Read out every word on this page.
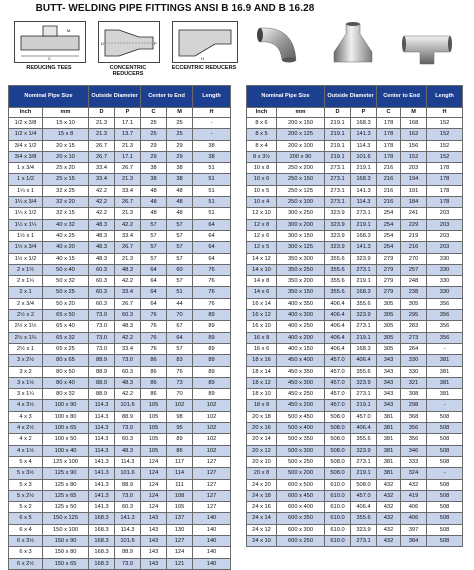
BUTT- WELDING PIPE FITTINGS ANSI B 16.9 AND B 16.28
C
M
D	P
H
REDUCING TEES	CONCENTRIC REDUCERS
ECCENTRIC REDUCERS
Nominal Pipe Size		Outside Diameter		Center to End		Length
Inch	mm	D	P	C	M	H
1/2 x 3/8	15 x 10	21.3	17.1	25	25	-
1/2 x 1/4	15 x 8	21.3	13.7	25	25	-
3/4 x 1/2	20 x 15	26.7	21.3	29	29	38
3/4 x 3/8	20 x 10	26.7	17.1	29	29	38
1 x 3/4	25 x 20	33.4	26.7	38	38	51
1 x 1/2	25 x 15	33.4	21.3	38	38	51
1¼ x 1	32 x 25	42.2	33.4	48	48	51
1¼ x 3/4	32 x 20	42.2	26.7	48	48	51
1¼ x 1/2	32 x 15	42.2	21.3	48	48	51
1½ x 1¼	40 x 32	48.3	42.2	57	57	64
1½ x 1	40 x 25	48.3	33.4	57	57	64
1½ x 3/4	40 x 20	48.3	26.7	57	57	64
1½ x 1/2	40 x 15	48.3	21.3	57	57	64
2 x 1½	50 x 40	60.3	48.3	64	60	76
2 x 1¼	50 x 32	60.3	42.2	64	57	76
2 x 1	50 x 25	60.3	33.4	64	51	76
2 x 3/4	50 x 20	60.3	26.7	64	44	76
2½ x 2	65 x 50	73.0	60.3	76	70	89
2½ x 1½	65 x 40	73.0	48.3	76	67	89
2½ x 1¼	65 x 32	73.0	42.2	76	64	89
2½ x 1	65 x 25	73.0	33.4	76	57	89
3 x 2½	80 x 65	88.9	73.0	86	83	89
3 x 2	80 x 50	88.9	60.3	86	76	89
3 x 1½	80 x 40	88.9	48.3	86	73	89
3 x 1¼	80 x 32	88.9	42.2	86	70	89
4 x 3½	100 x 90	114.3	101.6	105	102	102
4 x 3	100 x 80	114.3	88.9	105	98	102
4 x 2½	100 x 65	114.3	73.0	105	95	102
4 x 2	100 x 50	114.3	60.3	105	89	102
4 x 1½	100 x 40	114.3	48.3	105	86	102
5 x 4	125 x 100	141.3	114.3	124	117	127
5 x 3½	125 x 90	141.3	101.6	124	114	127
5 x 3	125 x 80	141.3	88.9	124	111	127
5 x 2½	125 x 65	141.3	73.0	124	108	127
5 x 2	125 x 50	141.3	60.3	124	105	127
6 x 5	150 x 125	168.3	141.3	143	137	140
6 x 4	150 x 100	168.3	114.3	143	130	140
6 x 3½	150 x 90	168.3	101.6	143	127	140
6 x 3	150 x 80	168.3	88.9	143	124	140
6 x 2½	150 x 65	168.3	73.0	143	121	140
Nominal Pipe Size		Outside Diameter		Center to End		Length
Inch	mm	D	P	C	M	H
8 x 6	200 x 150	219.1	168.3	178	168	152
8 x 5	200 x 125	219.1	141.3	178	162	152
8 x 4	200 x 100	219.1	114.3	178	156	152
8 x 3½	200 x 90	219.1	101.6	178	152	152
10 x 8	250 x 200	273.1	219.1	216	203	178
10 x 6	250 x 150	273.1	168.3	216	194	178
10 x 5	250 x 125	273.1	141.3	216	191	178
10 x 4	250 x 100	273.1	114.3	216	184	178
12 x 10	300 x 250	323.9	273.1	254	241	203
12 x 8	300 x 200	323.9	219.1	254	229	203
12 x 6	300 x 150	323.9	168.3	254	219	203
12 x 5	300 x 125	323.9	141.3	254	216	203
14 x 12	350 x 300	355.6	323.9	279	270	330
14 x 10	350 x 250	355.6	273.1	279	257	330
14 x 8	350 x 200	355.6	219.1	279	248	330
14 x 6	350 x 150	355.6	168.3	279	238	330
16 x 14	400 x 350	406.4	355.6	305	305	356
16 x 12	400 x 300	406.4	323.9	305	295	356
16 x 10	400 x 250	406.4	273.1	305	283	356
16 x 8	400 x 200	406.4	219.1	305	273	356
16 x 6	400 x 150	406.4	168.3	305	264	-
18 x 16	450 x 400	457.0	406.4	343	330	381
18 x 14	450 x 350	457.0	355.6	343	330	381
18 x 12	450 x 300	457.0	323.9	343	321	381
18 x 10	450 x 250	457.0	273.1	343	308	381
18 x 8	450 x 200	457.0	219.1	343	298	-
20 x 18	500 x 450	508.0	457.0	381	368	508
20 x 16	500 x 400	508.0	406.4	381	356	508
20 x 14	500 x 350	508.0	355.6	381	356	508
20 x 12	500 x 300	508.0	323.9	381	346	508
20 x 10	500 x 250	508.0	273.1	381	333	508
20 x 8	500 x 200	508.0	219.1	381	324	-
24 x 20	600 x 500	610.0	508.0	432	432	508
24 x 18	600 x 450	610.0	457.0	432	419	508
24 x 16	600 x 400	610.0	406.4	432	406	508
24 x 14	600 x 350	610.0	355.6	432	406	508
24 x 12	600 x 300	610.0	323.9	432	397	508
24 x 10	600 x 250	610.0	273.1	432	384	508
